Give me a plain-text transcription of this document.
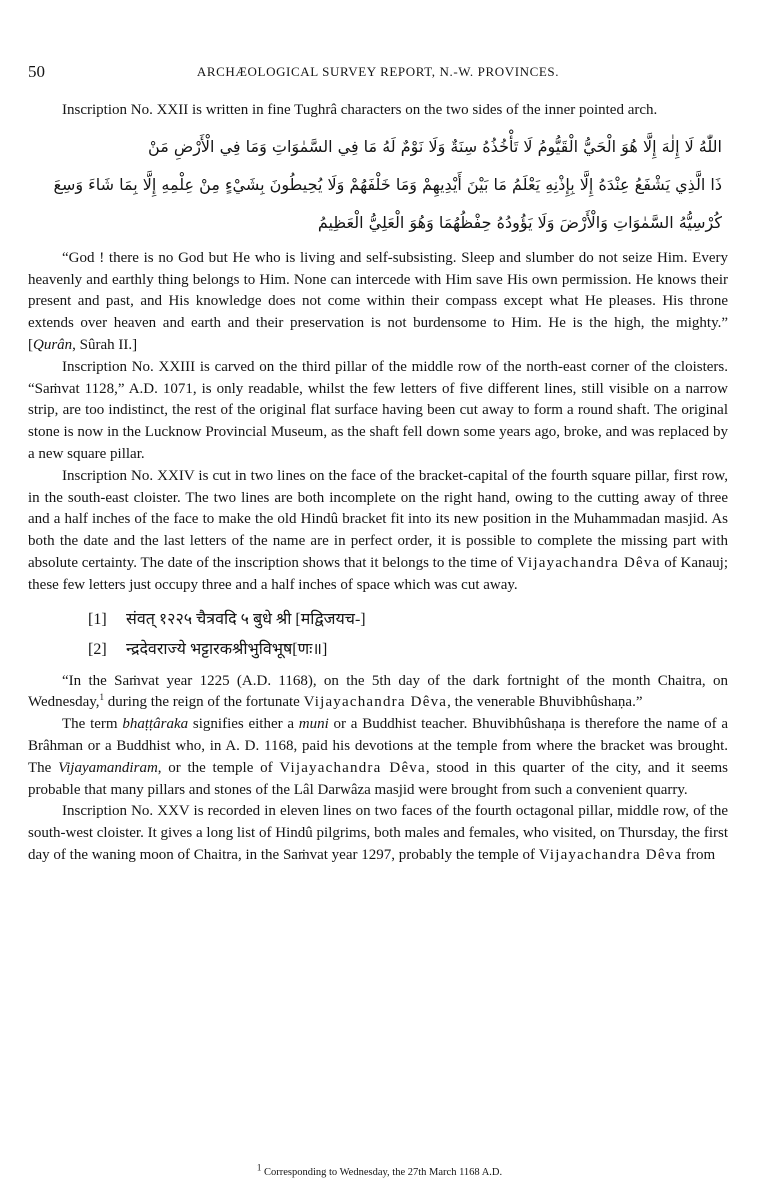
50	ARCHÆOLOGICAL SURVEY REPORT, N.-W. PROVINCES.

Inscription No. XXII is written in fine Tughrâ characters on the two sides of the inner pointed arch.

اللّٰهُ لَا إِلٰهَ إِلَّا هُوَ الْحَيُّ الْقَيُّومُ لَا تَأْخُذُهُ سِنَةٌ وَلَا نَوْمٌ لَهُ مَا فِي السَّمٰوَاتِ وَمَا فِي الْأَرْضِ مَنْ
ذَا الَّذِي يَشْفَعُ عِنْدَهُ إِلَّا بِإِذْنِهِ يَعْلَمُ مَا بَيْنَ أَيْدِيهِمْ وَمَا خَلْفَهُمْ وَلَا يُحِيطُونَ بِشَيْءٍ مِنْ عِلْمِهِ إِلَّا بِمَا شَاءَ وَسِعَ
كُرْسِيُّهُ السَّمٰوَاتِ وَالْأَرْضَ وَلَا يَؤُودُهُ حِفْظُهُمَا وَهُوَ الْعَلِيُّ الْعَظِيمُ

“God ! there is no God but He who is living and self-subsisting. Sleep and slumber do not seize Him. Every heavenly and earthly thing belongs to Him. None can intercede with Him save His own permission. He knows their present and past, and His knowledge does not come within their compass except what He pleases. His throne extends over heaven and earth and their preservation is not burdensome to Him. He is the high, the mighty.” [Qurân, Sûrah II.]

Inscription No. XXIII is carved on the third pillar of the middle row of the north-east corner of the cloisters. “Saṁvat 1128,” A.D. 1071, is only readable, whilst the few letters of five different lines, still visible on a narrow strip, are too indistinct, the rest of the original flat surface having been cut away to form a round shaft. The original stone is now in the Lucknow Provincial Museum, as the shaft fell down some years ago, broke, and was replaced by a new square pillar.

Inscription No. XXIV is cut in two lines on the face of the bracket-capital of the fourth square pillar, first row, in the south-east cloister. The two lines are both incomplete on the right hand, owing to the cutting away of three and a half inches of the face to make the old Hindû bracket fit into its new position in the Muhammadan masjid. As both the date and the last letters of the name are in perfect order, it is possible to complete the missing part with absolute certainty. The date of the inscription shows that it belongs to the time of Vijayachandra Dêva of Kanauj; these few letters just occupy three and a half inches of space which was cut away.

[1] संवत् १२२५ चैत्रवदि ५ बुधे श्री [मद्विजयच-]
[2] न्द्रदेवराज्ये भट्टारकश्रीभुविभूष[णः॥]

“In the Saṁvat year 1225 (A.D. 1168), on the 5th day of the dark fortnight of the month Chaitra, on Wednesday,$^1$ during the reign of the fortunate Vijayachandra Dêva, the venerable Bhuvibhûshaṇa.”

The term bhaṭṭâraka signifies either a muni or a Buddhist teacher. Bhuvibhûshaṇa is therefore the name of a Brâhman or a Buddhist who, in A. D. 1168, paid his devotions at the temple from where the bracket was brought. The Vijayamandiram, or the temple of Vijayachandra Dêva, stood in this quarter of the city, and it seems probable that many pillars and stones of the Lâl Darwâza masjid were brought from such a convenient quarry.

Inscription No. XXV is recorded in eleven lines on two faces of the fourth octagonal pillar, middle row, of the south-west cloister. It gives a long list of Hindû pilgrims, both males and females, who visited, on Thursday, the first day of the waning moon of Chaitra, in the Saṁvat year 1297, probably the temple of Vijayachandra Dêva from

$^1$ Corresponding to Wednesday, the 27th March 1168 A.D.
